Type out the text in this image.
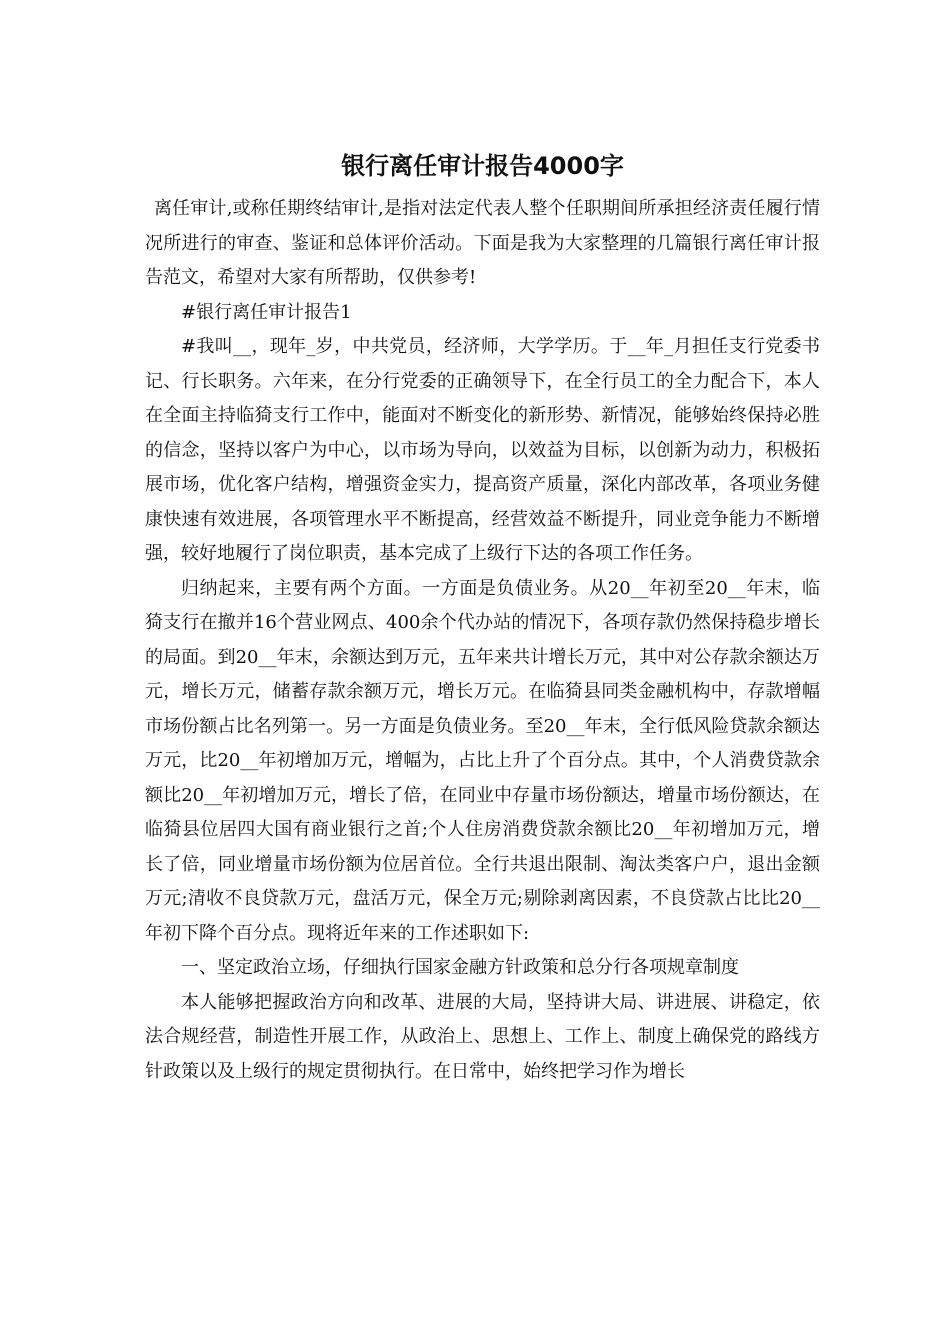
银行离任审计报告4000字

离任审计,或称任期终结审计,是指对法定代表人整个任职期间所承担经济责任履行情况所进行的审查、鉴证和总体评价活动。下面是我为大家整理的几篇银行离任审计报告范文，希望对大家有所帮助，仅供参考!

#银行离任审计报告1

#我叫__，现年_岁，中共党员，经济师，大学学历。于__年_月担任支行党委书记、行长职务。六年来，在分行党委的正确领导下，在全行员工的全力配合下，本人在全面主持临猗支行工作中，能面对不断变化的新形势、新情况，能够始终保持必胜的信念，坚持以客户为中心，以市场为导向，以效益为目标，以创新为动力，积极拓展市场，优化客户结构，增强资金实力，提高资产质量，深化内部改革，各项业务健康快速有效进展，各项管理水平不断提高，经营效益不断提升，同业竞争能力不断增强，较好地履行了岗位职责，基本完成了上级行下达的各项工作任务。

归纳起来，主要有两个方面。一方面是负债业务。从20__年初至20__年末，临猗支行在撤并16个营业网点、400余个代办站的情况下，各项存款仍然保持稳步增长的局面。到20__年末，余额达到万元，五年来共计增长万元，其中对公存款余额达万元，增长万元，储蓄存款余额万元，增长万元。在临猗县同类金融机构中，存款增幅市场份额占比名列第一。另一方面是负债业务。至20__年末，全行低风险贷款余额达万元，比20__年初增加万元，增幅为，占比上升了个百分点。其中，个人消费贷款余额比20__年初增加万元，增长了倍，在同业中存量市场份额达，增量市场份额达，在临猗县位居四大国有商业银行之首;个人住房消费贷款余额比20__年初增加万元，增长了倍，同业增量市场份额为位居首位。全行共退出限制、淘汰类客户户，退出金额万元;清收不良贷款万元，盘活万元，保全万元;剔除剥离因素，不良贷款占比比20__年初下降个百分点。现将近年来的工作述职如下:

一、坚定政治立场，仔细执行国家金融方针政策和总分行各项规章制度

本人能够把握政治方向和改革、进展的大局，坚持讲大局、讲进展、讲稳定，依法合规经营，制造性开展工作，从政治上、思想上、工作上、制度上确保党的路线方针政策以及上级行的规定贯彻执行。在日常中，始终把学习作为增长
